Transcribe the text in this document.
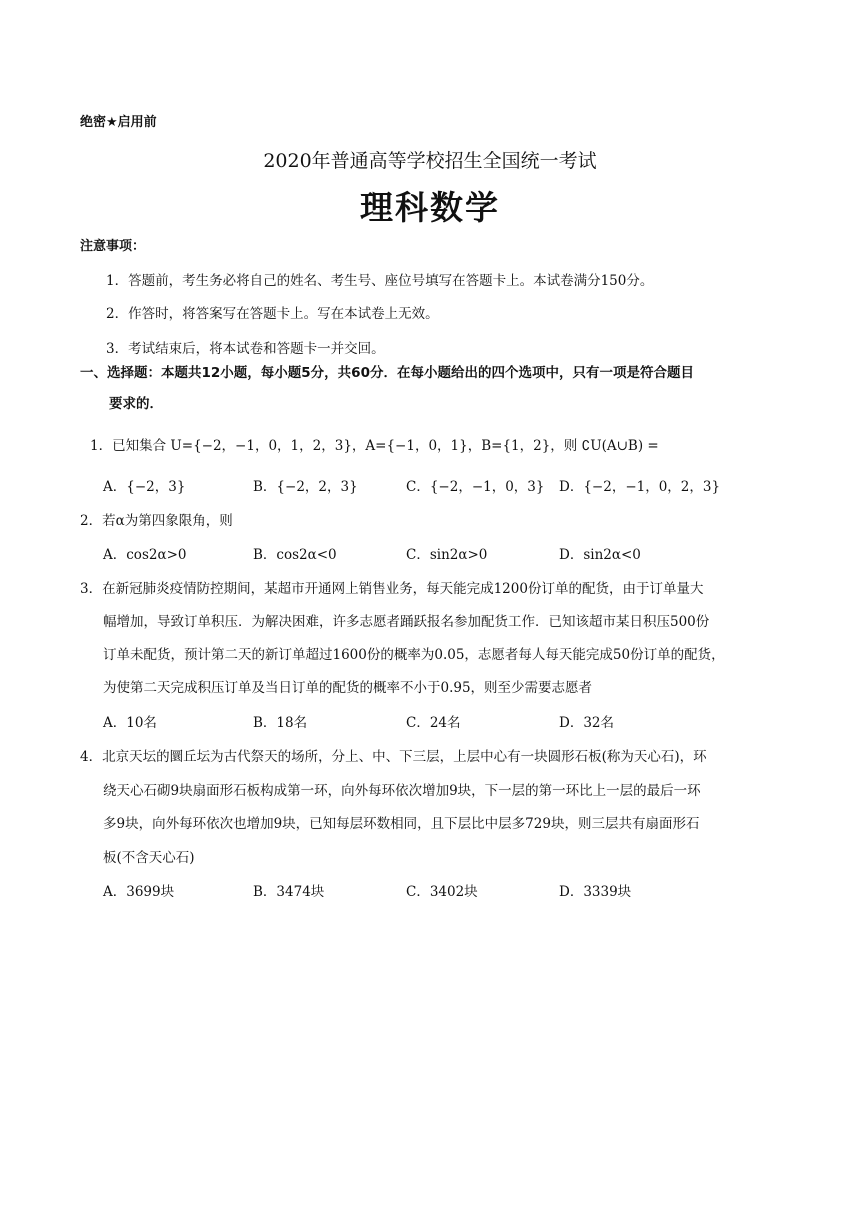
绝密★启用前
2020年普通高等学校招生全国统一考试
理科数学
注意事项：
1．答题前，考生务必将自己的姓名、考生号、座位号填写在答题卡上。本试卷满分150分。
2．作答时，将答案写在答题卡上。写在本试卷上无效。
3．考试结束后，将本试卷和答题卡一并交回。
一、选择题：本题共12小题，每小题5分，共60分．在每小题给出的四个选项中，只有一项是符合题目
要求的．
1．已知集合 U={−2，−1，0，1，2，3}，A={−1，0，1}，B={1，2}，则 ∁U(A∪B) =
A．{−2，3}	B．{−2，2，3}	C．{−2，−1，0，3} D．{−2，−1，0，2，3}
2．若α为第四象限角，则
A．cos2α>0	B．cos2α<0	C．sin2α>0	D．sin2α<0
3．在新冠肺炎疫情防控期间，某超市开通网上销售业务，每天能完成1200份订单的配货，由于订单量大
幅增加，导致订单积压．为解决困难，许多志愿者踊跃报名参加配货工作．已知该超市某日积压500份
订单未配货，预计第二天的新订单超过1600份的概率为0.05，志愿者每人每天能完成50份订单的配货，
为使第二天完成积压订单及当日订单的配货的概率不小于0.95，则至少需要志愿者
A．10名	B．18名	C．24名	D．32名
4．北京天坛的圜丘坛为古代祭天的场所，分上、中、下三层，上层中心有一块圆形石板(称为天心石)，环
绕天心石砌9块扇面形石板构成第一环，向外每环依次增加9块，下一层的第一环比上一层的最后一环
多9块，向外每环依次也增加9块，已知每层环数相同，且下层比中层多729块，则三层共有扇面形石
板(不含天心石)
A．3699块	B．3474块	C．3402块	D．3339块
